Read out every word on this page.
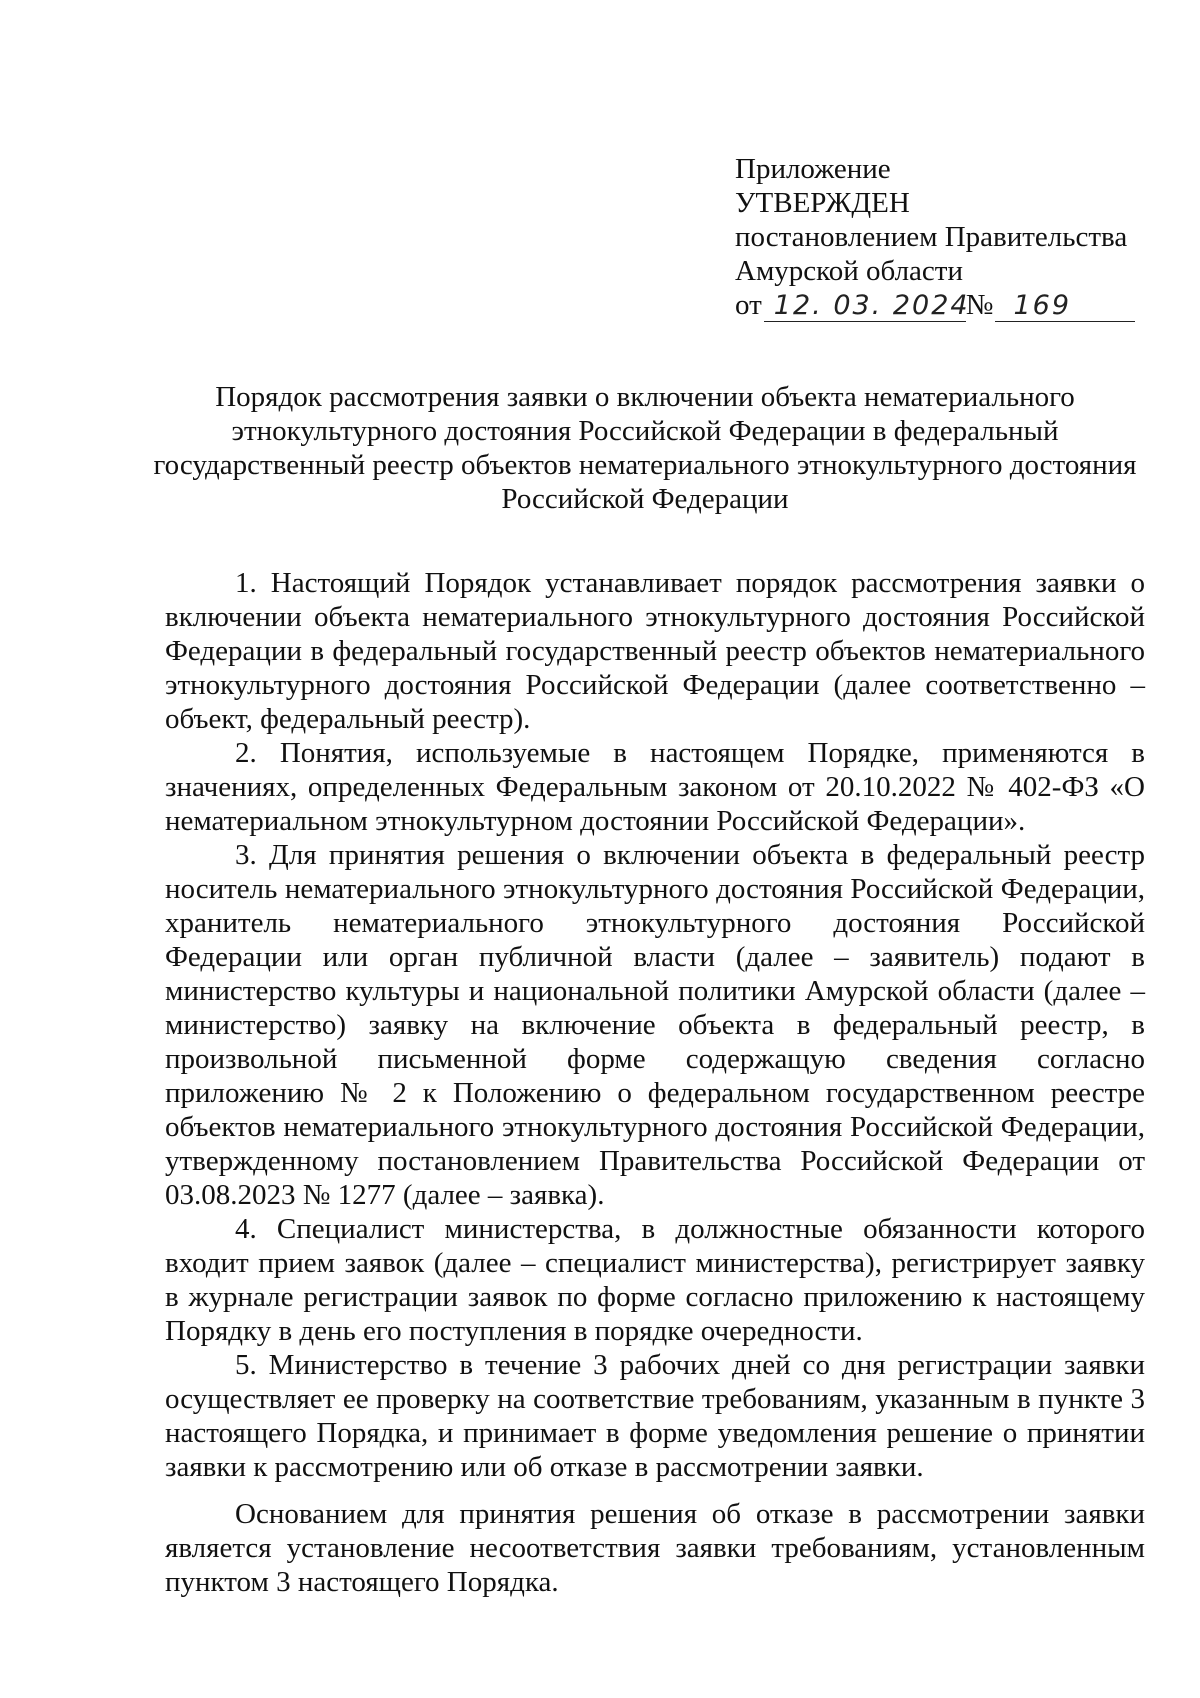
Приложение
УТВЕРЖДЕН
постановлением Правительства
Амурской области
от 12. 03. 2024
№ 169
Порядок рассмотрения заявки о включении объекта нематериального
этнокультурного достояния Российской Федерации в федеральный
государственный реестр объектов нематериального этнокультурного достояния
Российской Федерации

1. Настоящий Порядок устанавливает порядок рассмотрения заявки о включении объекта нематериального этнокультурного достояния Российской Федерации в федеральный государственный реестр объектов нематериального этнокультурного достояния Российской Федерации (далее соответственно – объект, федеральный реестр).

2. Понятия, используемые в настоящем Порядке, применяются в значениях, определенных Федеральным законом от 20.10.2022 № 402-ФЗ «О нематериальном этнокультурном достоянии Российской Федерации».

3. Для принятия решения о включении объекта в федеральный реестр носитель нематериального этнокультурного достояния Российской Федерации, хранитель нематериального этнокультурного достояния Российской Федерации или орган публичной власти (далее – заявитель) подают в министерство культуры и национальной политики Амурской области (далее – министерство) заявку на включение объекта в федеральный реестр, в произвольной письменной форме содержащую сведения согласно приложению № 2 к Положению о федеральном государственном реестре объектов нематериального этнокультурного достояния Российской Федерации, утвержденному постановлением Правительства Российской Федерации от 03.08.2023 № 1277 (далее – заявка).

4. Специалист министерства, в должностные обязанности которого входит прием заявок (далее – специалист министерства), регистрирует заявку в журнале регистрации заявок по форме согласно приложению к настоящему Порядку в день его поступления в порядке очередности.

5. Министерство в течение 3 рабочих дней со дня регистрации заявки осуществляет ее проверку на соответствие требованиям, указанным в пункте 3 настоящего Порядка, и принимает в форме уведомления решение о принятии заявки к рассмотрению или об отказе в рассмотрении заявки.

Основанием для принятия решения об отказе в рассмотрении заявки является установление несоответствия заявки требованиям, установленным пунктом 3 настоящего Порядка.
